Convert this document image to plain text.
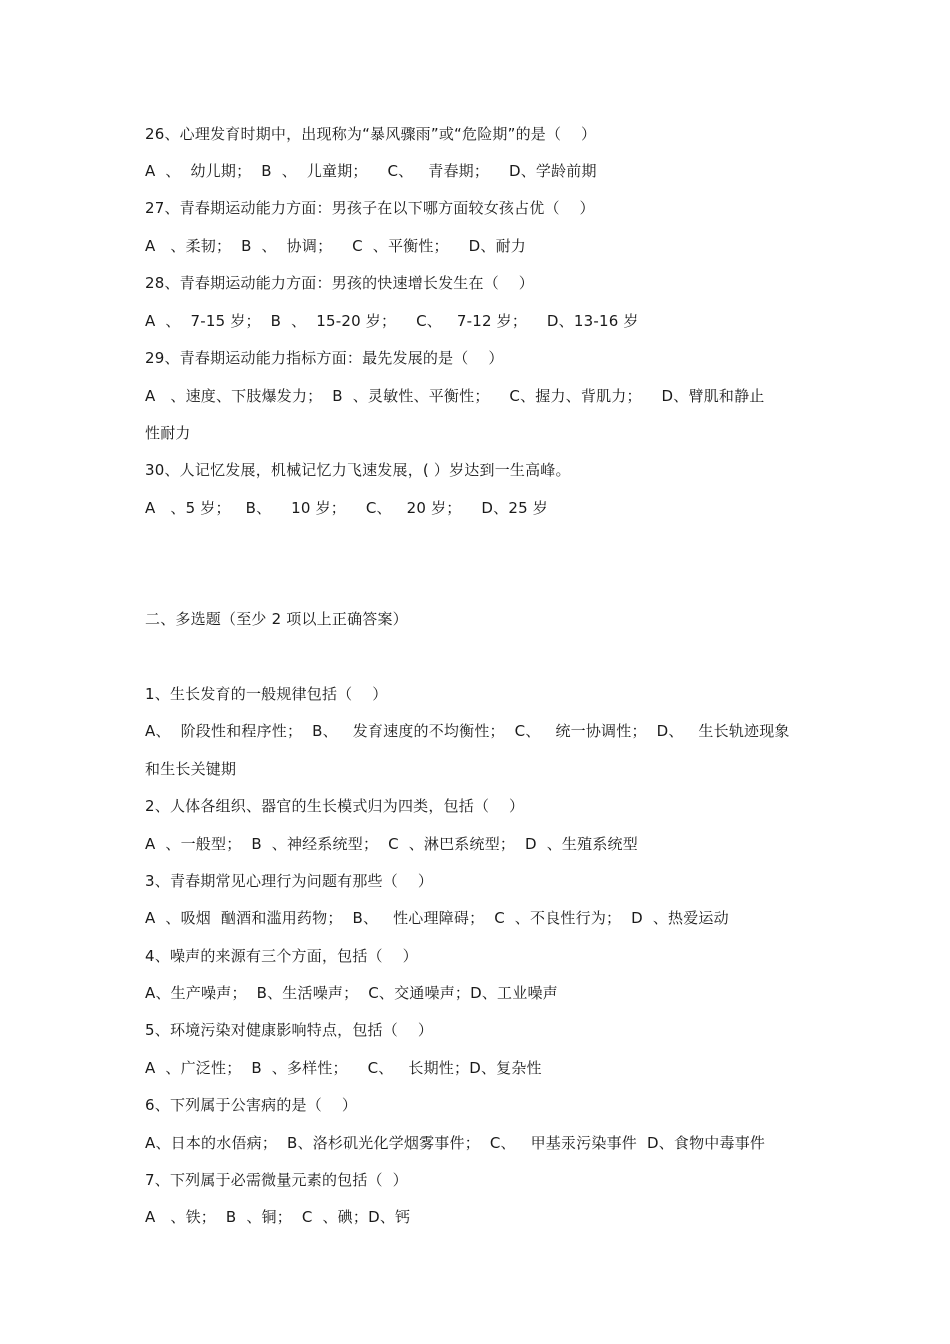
26、心理发育时期中，出现称为“暴风骤雨”或“危险期”的是（    ）
A  、  幼儿期；  B  、  儿童期；    C、   青春期；    D、学龄前期
27、青春期运动能力方面：男孩子在以下哪方面较女孩占优（    ）
A   、柔韧；  B  、  协调；    C  、平衡性；    D、耐力
28、青春期运动能力方面：男孩的快速增长发生在（    ）
A  、  7-15 岁；  B  、  15-20 岁；    C、   7-12 岁；    D、13-16 岁
29、青春期运动能力指标方面：最先发展的是（    ）
A   、速度、下肢爆发力；  B  、灵敏性、平衡性；    C、握力、背肌力；    D、臂肌和静止
性耐力
30、人记忆发展，机械记忆力飞速发展，( ）岁达到一生高峰。
A   、5 岁；   B、    10 岁；    C、   20 岁；    D、25 岁
二、多选题（至少 2 项以上正确答案）
1、生长发育的一般规律包括（    ）
A、  阶段性和程序性；  B、   发育速度的不均衡性；  C、   统一协调性；  D、   生长轨迹现象
和生长关键期
2、人体各组织、器官的生长模式归为四类，包括（    ）
A  、一般型；  B  、神经系统型；  C  、淋巴系统型；  D  、生殖系统型
3、青春期常见心理行为问题有那些（    ）
A  、吸烟  酗酒和滥用药物；  B、   性心理障碍；  C  、不良性行为；  D  、热爱运动
4、噪声的来源有三个方面，包括（    ）
A、生产噪声；  B、生活噪声；  C、交通噪声；D、工业噪声
5、环境污染对健康影响特点，包括（    ）
A  、广泛性；  B  、多样性；    C、   长期性；D、复杂性
6、下列属于公害病的是（    ）
A、日本的水俉病；  B、洛杉矶光化学烟雾事件；  C、   甲基汞污染事件  D、食物中毒事件
7、下列属于必需微量元素的包括（  ）
A   、铁；  B  、铜；  C  、碘；D、钙
